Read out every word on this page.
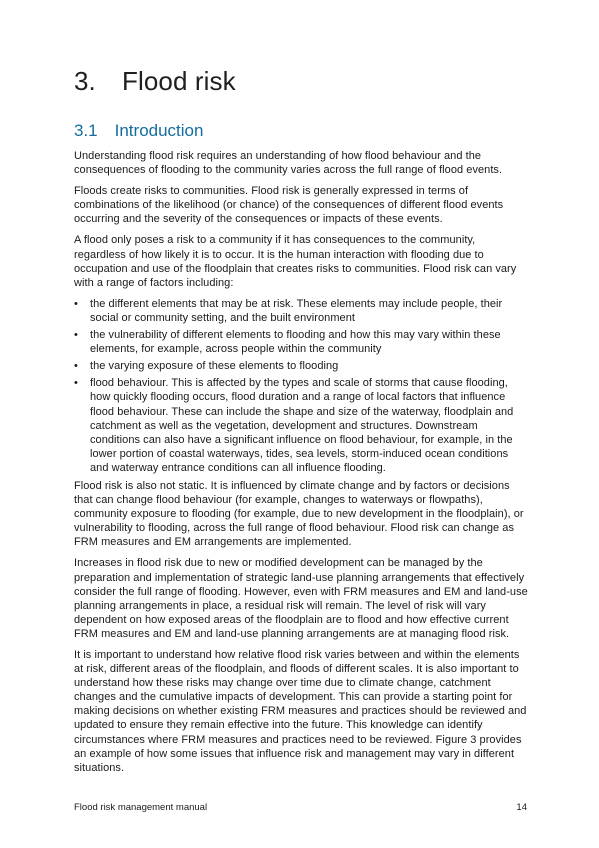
3. Flood risk
3.1 Introduction

Understanding flood risk requires an understanding of how flood behaviour and the consequences of flooding to the community varies across the full range of flood events.

Floods create risks to communities. Flood risk is generally expressed in terms of combinations of the likelihood (or chance) of the consequences of different flood events occurring and the severity of the consequences or impacts of these events.

A flood only poses a risk to a community if it has consequences to the community, regardless of how likely it is to occur. It is the human interaction with flooding due to occupation and use of the floodplain that creates risks to communities. Flood risk can vary with a range of factors including:

•	the different elements that may be at risk. These elements may include people, their social or community setting, and the built environment
•	the vulnerability of different elements to flooding and how this may vary within these elements, for example, across people within the community
•	the varying exposure of these elements to flooding
•	flood behaviour. This is affected by the types and scale of storms that cause flooding, how quickly flooding occurs, flood duration and a range of local factors that influence flood behaviour. These can include the shape and size of the waterway, floodplain and catchment as well as the vegetation, development and structures. Downstream conditions can also have a significant influence on flood behaviour, for example, in the lower portion of coastal waterways, tides, sea levels, storm-induced ocean conditions and waterway entrance conditions can all influence flooding.

Flood risk is also not static. It is influenced by climate change and by factors or decisions that can change flood behaviour (for example, changes to waterways or flowpaths), community exposure to flooding (for example, due to new development in the floodplain), or vulnerability to flooding, across the full range of flood behaviour. Flood risk can change as FRM measures and EM arrangements are implemented.

Increases in flood risk due to new or modified development can be managed by the preparation and implementation of strategic land-use planning arrangements that effectively consider the full range of flooding. However, even with FRM measures and EM and land-use planning arrangements in place, a residual risk will remain. The level of risk will vary dependent on how exposed areas of the floodplain are to flood and how effective current FRM measures and EM and land-use planning arrangements are at managing flood risk.

It is important to understand how relative flood risk varies between and within the elements at risk, different areas of the floodplain, and floods of different scales. It is also important to understand how these risks may change over time due to climate change, catchment changes and the cumulative impacts of development. This can provide a starting point for making decisions on whether existing FRM measures and practices should be reviewed and updated to ensure they remain effective into the future. This knowledge can identify circumstances where FRM measures and practices need to be reviewed. Figure 3 provides an example of how some issues that influence risk and management may vary in different situations.

Flood risk management manual	14
